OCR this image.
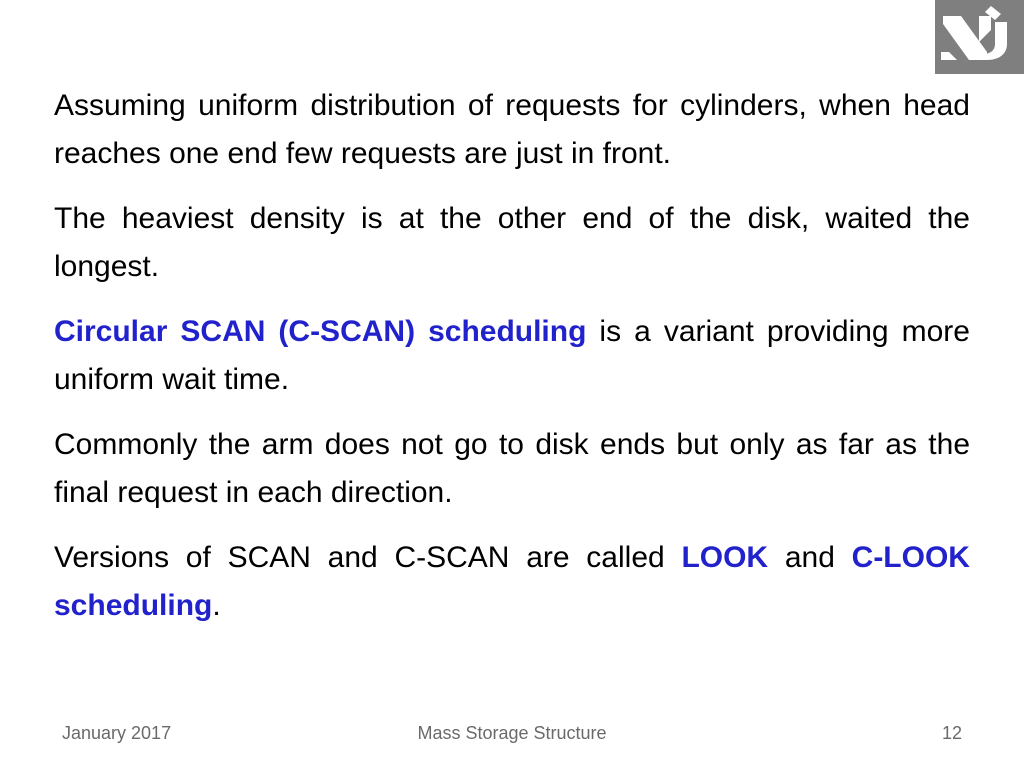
Assuming uniform distribution of requests for cylinders, when head reaches one end few requests are just in front.

The heaviest density is at the other end of the disk, waited the longest.

Circular SCAN (C-SCAN) scheduling is a variant providing more uniform wait time.

Commonly the arm does not go to disk ends but only as far as the final request in each direction.

Versions of SCAN and C-SCAN are called LOOK and C-LOOK scheduling.

January 2017	Mass Storage Structure	12
